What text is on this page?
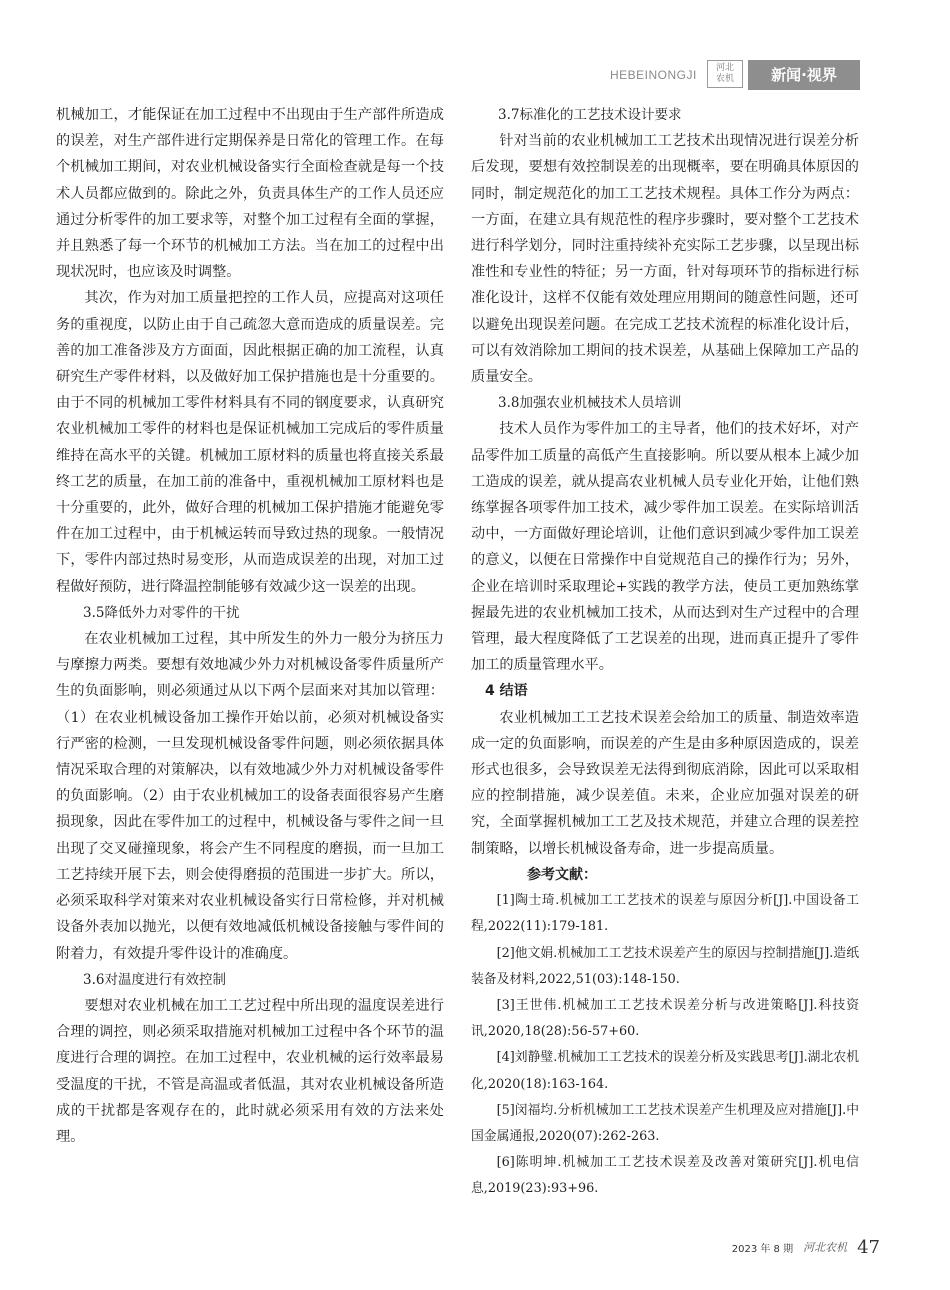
HEBEINONGJI	河北
农机	新闻·视界

机械加工，才能保证在加工过程中不出现由于生产部件所造成的误差，对生产部件进行定期保养是日常化的管理工作。在每个机械加工期间，对农业机械设备实行全面检查就是每一个技术人员都应做到的。除此之外，负责具体生产的工作人员还应通过分析零件的加工要求等，对整个加工过程有全面的掌握，并且熟悉了每一个环节的机械加工方法。当在加工的过程中出现状况时，也应该及时调整。

其次，作为对加工质量把控的工作人员，应提高对这项任务的重视度，以防止由于自己疏忽大意而造成的质量误差。完善的加工准备涉及方方面面，因此根据正确的加工流程，认真研究生产零件材料，以及做好加工保护措施也是十分重要的。由于不同的机械加工零件材料具有不同的钢度要求，认真研究农业机械加工零件的材料也是保证机械加工完成后的零件质量维持在高水平的关键。机械加工原材料的质量也将直接关系最终工艺的质量，在加工前的准备中，重视机械加工原材料也是十分重要的，此外，做好合理的机械加工保护措施才能避免零件在加工过程中，由于机械运转而导致过热的现象。一般情况下，零件内部过热时易变形，从而造成误差的出现，对加工过程做好预防，进行降温控制能够有效减少这一误差的出现。

3.5降低外力对零件的干扰

在农业机械加工过程，其中所发生的外力一般分为挤压力与摩擦力两类。要想有效地减少外力对机械设备零件质量所产生的负面影响，则必须通过从以下两个层面来对其加以管理：（1）在农业机械设备加工操作开始以前，必须对机械设备实行严密的检测，一旦发现机械设备零件问题，则必须依据具体情况采取合理的对策解决，以有效地减少外力对机械设备零件的负面影响。（2）由于农业机械加工的设备表面很容易产生磨损现象，因此在零件加工的过程中，机械设备与零件之间一旦出现了交叉碰撞现象，将会产生不同程度的磨损，而一旦加工工艺持续开展下去，则会使得磨损的范围进一步扩大。所以，必须采取科学对策来对农业机械设备实行日常检修，并对机械设备外表加以抛光，以便有效地减低机械设备接触与零件间的附着力，有效提升零件设计的准确度。

3.6对温度进行有效控制

要想对农业机械在加工工艺过程中所出现的温度误差进行合理的调控，则必须采取措施对机械加工过程中各个环节的温度进行合理的调控。在加工过程中，农业机械的运行效率最易受温度的干扰，不管是高温或者低温，其对农业机械设备所造成的干扰都是客观存在的，此时就必须采用有效的方法来处理。

3.7标准化的工艺技术设计要求

针对当前的农业机械加工工艺技术出现情况进行误差分析后发现，要想有效控制误差的出现概率，要在明确具体原因的同时，制定规范化的加工工艺技术规程。具体工作分为两点：一方面，在建立具有规范性的程序步骤时，要对整个工艺技术进行科学划分，同时注重持续补充实际工艺步骤，以呈现出标准性和专业性的特征；另一方面，针对每项环节的指标进行标准化设计，这样不仅能有效处理应用期间的随意性问题，还可以避免出现误差问题。在完成工艺技术流程的标准化设计后，可以有效消除加工期间的技术误差，从基础上保障加工产品的质量安全。

3.8加强农业机械技术人员培训

技术人员作为零件加工的主导者，他们的技术好坏，对产品零件加工质量的高低产生直接影响。所以要从根本上减少加工造成的误差，就从提高农业机械人员专业化开始，让他们熟练掌握各项零件加工技术，减少零件加工误差。在实际培训活动中，一方面做好理论培训，让他们意识到减少零件加工误差的意义，以便在日常操作中自觉规范自己的操作行为；另外，企业在培训时采取理论+实践的教学方法，使员工更加熟练掌握最先进的农业机械加工技术，从而达到对生产过程中的合理管理，最大程度降低了工艺误差的出现，进而真正提升了零件加工的质量管理水平。

4 结语

农业机械加工工艺技术误差会给加工的质量、制造效率造成一定的负面影响，而误差的产生是由多种原因造成的，误差形式也很多，会导致误差无法得到彻底消除，因此可以采取相应的控制措施，减少误差值。未来，企业应加强对误差的研究，全面掌握机械加工工艺及技术规范，并建立合理的误差控制策略，以增长机械设备寿命，进一步提高质量。

参考文献：

[1]陶士琦.机械加工工艺技术的误差与原因分析[J].中国设备工程,2022(11):179-181.

[2]他文娟.机械加工工艺技术误差产生的原因与控制措施[J].造纸装备及材料,2022,51(03):148-150.

[3]王世伟.机械加工工艺技术误差分析与改进策略[J].科技资讯,2020,18(28):56-57+60.

[4]刘静璧.机械加工工艺技术的误差分析及实践思考[J].湖北农机化,2020(18):163-164.

[5]闵福均.分析机械加工工艺技术误差产生机理及应对措施[J].中国金属通报,2020(07):262-263.

[6]陈明坤.机械加工工艺技术误差及改善对策研究[J].机电信息,2019(23):93+96.

2023 年 8 期 河北农机 47
